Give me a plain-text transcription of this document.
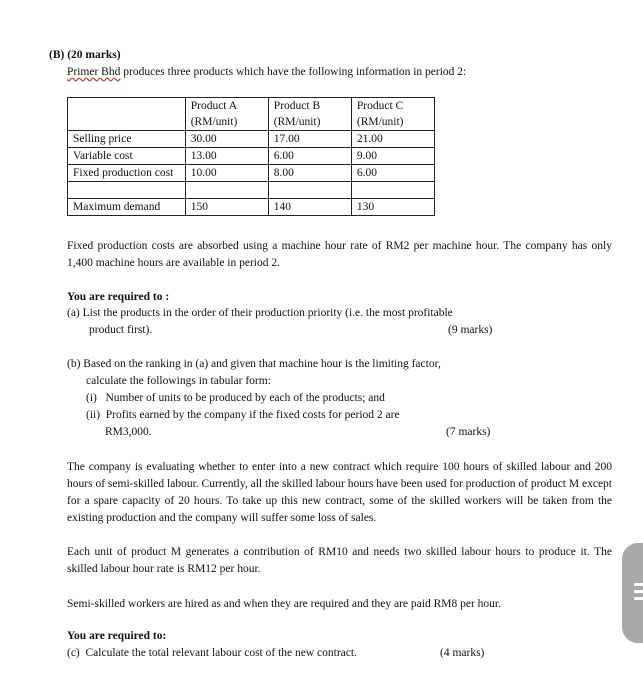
(B) (20 marks)
Primer Bhd produces three products which have the following information in period 2:
	Product A	Product B	Product C
	(RM/unit)	(RM/unit)	(RM/unit)
Selling price	30.00	17.00	21.00
Variable cost	13.00	6.00	9.00
Fixed production cost	10.00	8.00	6.00

Maximum demand	150	140	130
Fixed production costs are absorbed using a machine hour rate of RM2 per machine hour. The company has only 1,400 machine hours are available in period 2.
You are required to :
(a) List the products in the order of their production priority (i.e. the most profitable
product first).	(9 marks)
(b) Based on the ranking in (a) and given that machine hour is the limiting factor,
calculate the followings in tabular form:
(i)   Number of units to be produced by each of the products; and
(ii)  Profits earned by the company if the fixed costs for period 2 are
RM3,000.	(7 marks)
The company is evaluating whether to enter into a new contract which require 100 hours of skilled labour and 200 hours of semi-skilled labour. Currently, all the skilled labour hours have been used for production of product M except for a spare capacity of 20 hours. To take up this new contract, some of the skilled workers will be taken from the existing production and the company will suffer some loss of sales.
Each unit of product M generates a contribution of RM10 and needs two skilled labour hours to produce it. The skilled labour hour rate is RM12 per hour.
Semi-skilled workers are hired as and when they are required and they are paid RM8 per hour.
You are required to:
(c)  Calculate the total relevant labour cost of the new contract.	(4 marks)
